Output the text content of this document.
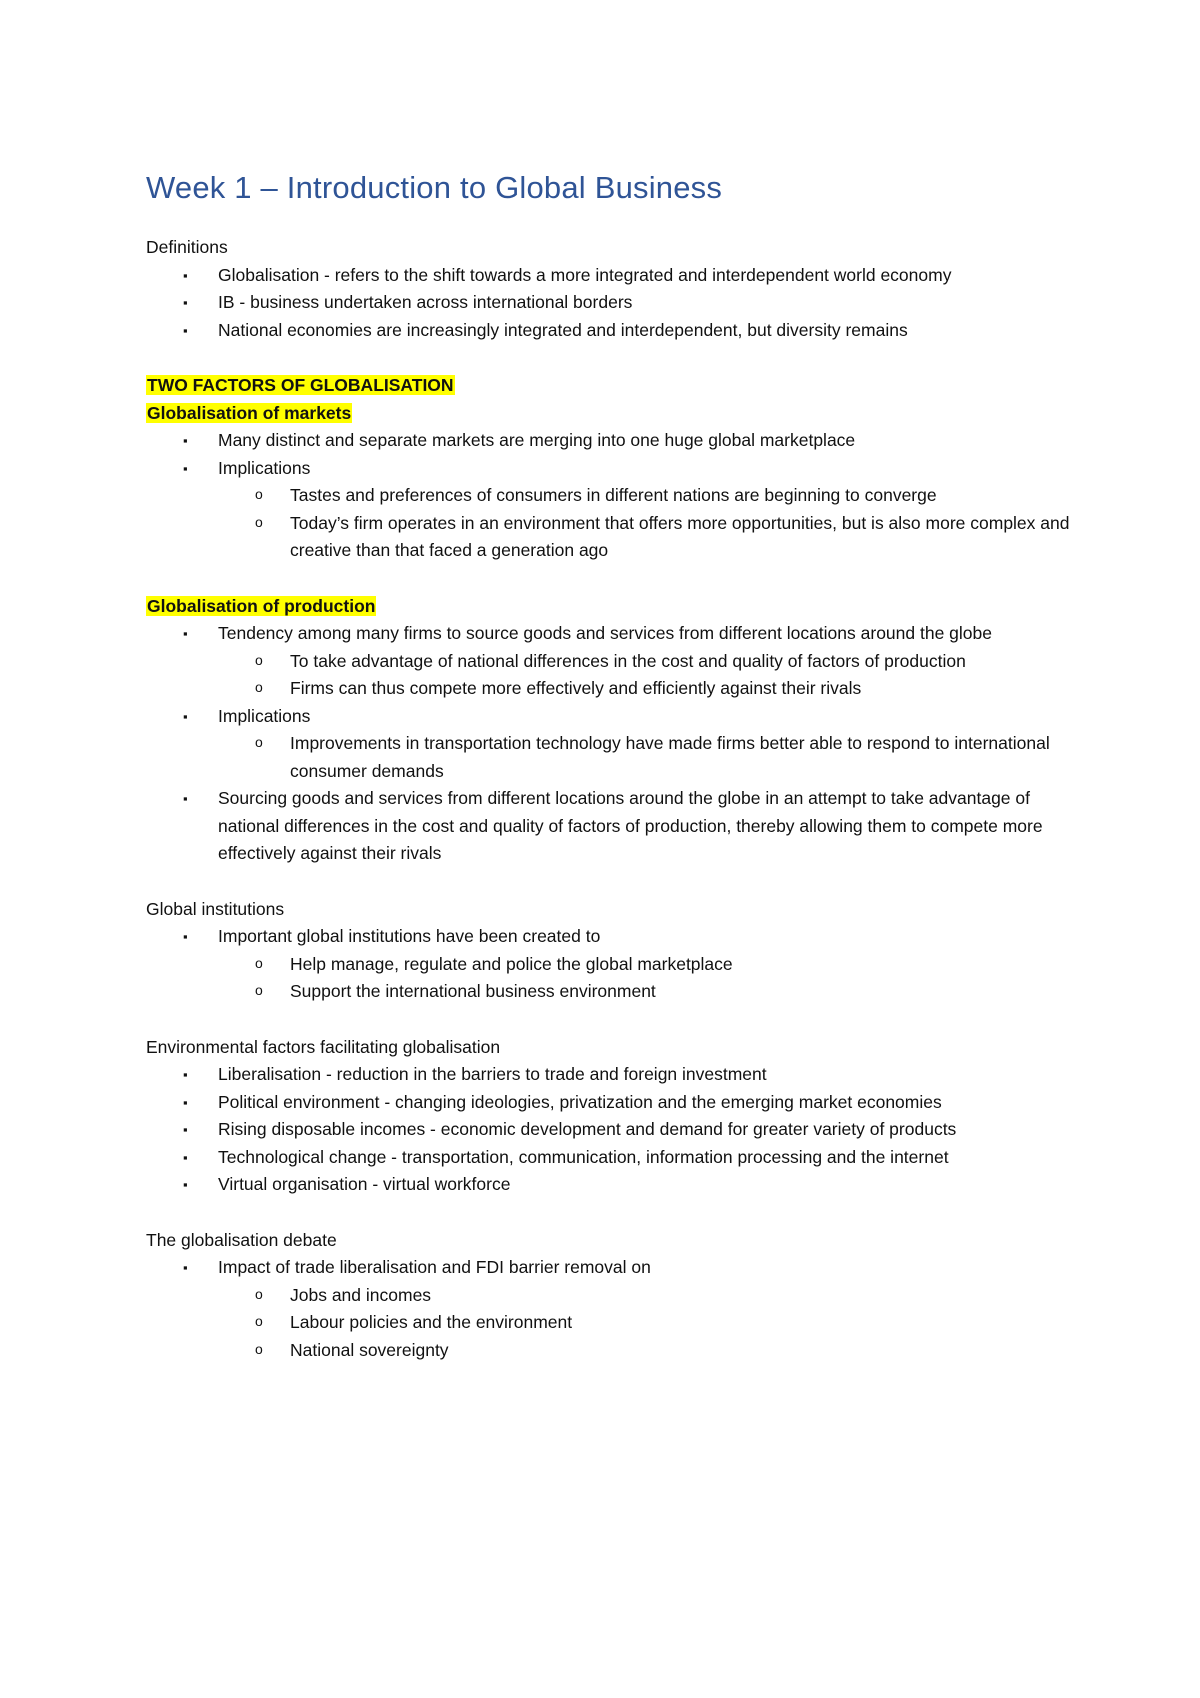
Week 1 – Introduction to Global Business
Definitions
▪ Globalisation - refers to the shift towards a more integrated and interdependent world economy
▪ IB - business undertaken across international borders
▪ National economies are increasingly integrated and interdependent, but diversity remains
TWO FACTORS OF GLOBALISATION
Globalisation of markets
▪ Many distinct and separate markets are merging into one huge global marketplace
▪ Implications
o Tastes and preferences of consumers in different nations are beginning to converge
o Today’s firm operates in an environment that offers more opportunities, but is also more complex and creative than that faced a generation ago
Globalisation of production
▪ Tendency among many firms to source goods and services from different locations around the globe
o To take advantage of national differences in the cost and quality of factors of production
o Firms can thus compete more effectively and efficiently against their rivals
▪ Implications
o Improvements in transportation technology have made firms better able to respond to international consumer demands
▪ Sourcing goods and services from different locations around the globe in an attempt to take advantage of national differences in the cost and quality of factors of production, thereby allowing them to compete more effectively against their rivals
Global institutions
▪ Important global institutions have been created to
o Help manage, regulate and police the global marketplace
o Support the international business environment
Environmental factors facilitating globalisation
▪ Liberalisation - reduction in the barriers to trade and foreign investment
▪ Political environment - changing ideologies, privatization and the emerging market economies
▪ Rising disposable incomes - economic development and demand for greater variety of products
▪ Technological change - transportation, communication, information processing and the internet
▪ Virtual organisation - virtual workforce
The globalisation debate
▪ Impact of trade liberalisation and FDI barrier removal on
o Jobs and incomes
o Labour policies and the environment
o National sovereignty
